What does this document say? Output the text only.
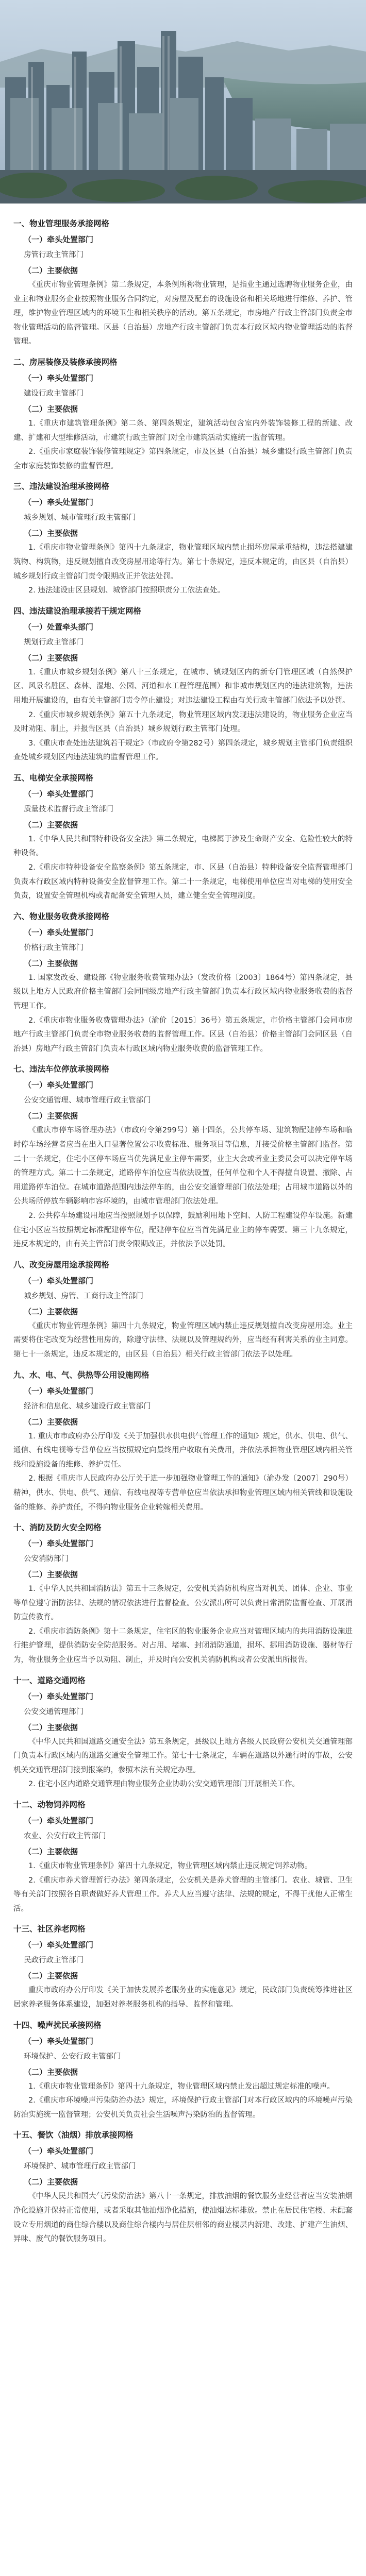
一、物业管理服务承接网格
（一）牵头处置部门
房管行政主管部门
（二）主要依据
《重庆市物业管理条例》第二条规定，本条例所称物业管理，是指业主通过选聘物业服务企业，由业主和物业服务企业按照物业服务合同约定，对房屋及配套的设施设备和相关场地进行维修、养护、管理，维护物业管理区域内的环境卫生和相关秩序的活动。第五条规定，市房地产行政主管部门负责全市物业管理活动的监督管理。区县（自治县）房地产行政主管部门负责本行政区域内物业管理活动的监督管理。
二、房屋装修及装修承接网格
（一）牵头处置部门
建设行政主管部门
（二）主要依据
1.《重庆市建筑管理条例》第二条、第四条规定，建筑活动包含室内外装饰装修工程的新建、改建、扩建和大型维修活动，市建筑行政主管部门对全市建筑活动实施统一监督管理。
2.《重庆市家庭装饰装修管理规定》第四条规定，市及区县（自治县）城乡建设行政主管部门负责全市家庭装饰装修的监督管理。
三、违法建设治理承接网格
（一）牵头处置部门
城乡规划、城市管理行政主管部门
（二）主要依据
1.《重庆市物业管理条例》第四十九条规定，物业管理区域内禁止损坏房屋承重结构，违法搭建建筑物、构筑物，违反规划擅自改变房屋用途等行为。第七十条规定，违反本规定的，由区县（自治县）城乡规划行政主管部门责令限期改正并依法处罚。
2. 违法建设由区县规划、城管部门按照职责分工依法查处。
四、违法建设治理承接若干规定网格
（一）处置牵头部门
规划行政主管部门
（二）主要依据
1.《重庆市城乡规划条例》第八十三条规定，在城市、镇规划区内的新专门管理区域（自然保护区、风景名胜区、森林、湿地、公园、河道和水工程管理范围）和非城市规划区内的违法建筑物，违法用地开展建设的，由有关主管部门责令停止建设；对违法建设工程由有关行政主管部门依法予以处罚。
2.《重庆市城乡规划条例》第五十九条规定，物业管理区域内发现违法建设的，物业服务企业应当及时劝阻、制止，并报告区县（自治县）城乡规划行政主管部门处理。
3.《重庆市查处违法建筑若干规定》（市政府令第282号）第四条规定，城乡规划主管部门负责组织查处城乡规划区内违法建筑的监督管理工作。
五、电梯安全承接网格
（一）牵头处置部门
质量技术监督行政主管部门
（二）主要依据
1.《中华人民共和国特种设备安全法》第二条规定，电梯属于涉及生命财产安全、危险性较大的特种设备。
2.《重庆市特种设备安全监察条例》第五条规定，市、区县（自治县）特种设备安全监督管理部门负责本行政区域内特种设备安全监督管理工作。第二十一条规定，电梯使用单位应当对电梯的使用安全负责，设置安全管理机构或者配备安全管理人员，建立健全安全管理制度。
六、物业服务收费承接网格
（一）牵头处置部门
价格行政主管部门
（二）主要依据
1. 国家发改委、建设部《物业服务收费管理办法》（发改价格〔2003〕1864号）第四条规定，县级以上地方人民政府价格主管部门会同同级房地产行政主管部门负责本行政区域内物业服务收费的监督管理工作。
2.《重庆市物业服务收费管理办法》（渝价〔2015〕36号）第五条规定，市价格主管部门会同市房地产行政主管部门负责全市物业服务收费的监督管理工作。区县（自治县）价格主管部门会同区县（自治县）房地产行政主管部门负责本行政区域内物业服务收费的监督管理工作。
七、违法车位停放承接网格
（一）牵头处置部门
公安交通管理、城市管理行政主管部门
（二）主要依据
《重庆市停车场管理办法》（市政府令第299号）第十四条，公共停车场、建筑物配建停车场和临时停车场经营者应当在出入口显著位置公示收费标准、服务项目等信息，并接受价格主管部门监督。第二十一条规定，住宅小区停车场应当优先满足业主停车需要，业主大会或者业主委员会可以决定停车场的管理方式。第二十二条规定，道路停车泊位应当依法设置，任何单位和个人不得擅自设置、撤除、占用道路停车泊位。在城市道路范围内违法停车的，由公安交通管理部门依法处理；占用城市道路以外的公共场所停放车辆影响市容环境的，由城市管理部门依法处理。
2. 公共停车场建设用地应当按照规划予以保障，鼓励利用地下空间、人防工程建设停车设施。新建住宅小区应当按照规定标准配建停车位，配建停车位应当首先满足业主的停车需要。第三十九条规定，违反本规定的，由有关主管部门责令限期改正，并依法予以处罚。
八、改变房屋用途承接网格
（一）牵头处置部门
城乡规划、房管、工商行政主管部门
（二）主要依据
《重庆市物业管理条例》第四十九条规定，物业管理区域内禁止违反规划擅自改变房屋用途。业主需要将住宅改变为经营性用房的，除遵守法律、法规以及管理规约外，应当经有利害关系的业主同意。第七十一条规定，违反本规定的，由区县（自治县）相关行政主管部门依法予以处理。
九、水、电、气、供热等公用设施网格
（一）牵头处置部门
经济和信息化、城乡建设行政主管部门
（二）主要依据
1. 重庆市市政府办公厅印发《关于加强供水供电供气管理工作的通知》规定，供水、供电、供气、通信、有线电视等专营单位应当按照规定向最终用户收取有关费用，并依法承担物业管理区域内相关管线和设施设备的维修、养护责任。
2. 根据《重庆市人民政府办公厅关于进一步加强物业管理工作的通知》（渝办发〔2007〕290号）精神，供水、供电、供气、通信、有线电视等专营单位应当依法承担物业管理区域内相关管线和设施设备的维修、养护责任，不得向物业服务企业转嫁相关费用。
十、消防及防火安全网格
（一）牵头处置部门
公安消防部门
（二）主要依据
1.《中华人民共和国消防法》第五十三条规定，公安机关消防机构应当对机关、团体、企业、事业等单位遵守消防法律、法规的情况依法进行监督检查。公安派出所可以负责日常消防监督检查、开展消防宣传教育。
2.《重庆市消防条例》第十二条规定，住宅区的物业服务企业应当对管理区域内的共用消防设施进行维护管理，提供消防安全防范服务。对占用、堵塞、封闭消防通道，损坏、挪用消防设施、器材等行为，物业服务企业应当予以劝阻、制止，并及时向公安机关消防机构或者公安派出所报告。
十一、道路交通网格
（一）牵头处置部门
公安交通管理部门
（二）主要依据
《中华人民共和国道路交通安全法》第五条规定，县级以上地方各级人民政府公安机关交通管理部门负责本行政区域内的道路交通安全管理工作。第七十七条规定，车辆在道路以外通行时的事故，公安机关交通管理部门接到报案的，参照本法有关规定办理。
2. 住宅小区内道路交通管理由物业服务企业协助公安交通管理部门开展相关工作。
十二、动物饲养网格
（一）牵头处置部门
农业、公安行政主管部门
（二）主要依据
1.《重庆市物业管理条例》第四十九条规定，物业管理区域内禁止违反规定饲养动物。
2.《重庆市养犬管理暂行办法》第四条规定，公安机关是养犬管理的主管部门。农业、城管、卫生等有关部门按照各自职责做好养犬管理工作。养犬人应当遵守法律、法规的规定，不得干扰他人正常生活。
十三、社区养老网格
（一）牵头处置部门
民政行政主管部门
（二）主要依据
重庆市政府办公厅印发《关于加快发展养老服务业的实施意见》规定，民政部门负责统筹推进社区居家养老服务体系建设，加强对养老服务机构的指导、监督和管理。
十四、噪声扰民承接网格
（一）牵头处置部门
环境保护、公安行政主管部门
（二）主要依据
1.《重庆市物业管理条例》第四十九条规定，物业管理区域内禁止发出超过规定标准的噪声。
2.《重庆市环境噪声污染防治办法》规定，环境保护行政主管部门对本行政区域内的环境噪声污染防治实施统一监督管理；公安机关负责社会生活噪声污染防治的监督管理。
十五、餐饮（油烟）排放承接网格
（一）牵头处置部门
环境保护、城市管理行政主管部门
（二）主要依据
《中华人民共和国大气污染防治法》第八十一条规定，排放油烟的餐饮服务业经营者应当安装油烟净化设施并保持正常使用，或者采取其他油烟净化措施，使油烟达标排放。禁止在居民住宅楼、未配套设立专用烟道的商住综合楼以及商住综合楼内与居住层相邻的商业楼层内新建、改建、扩建产生油烟、异味、废气的餐饮服务项目。
